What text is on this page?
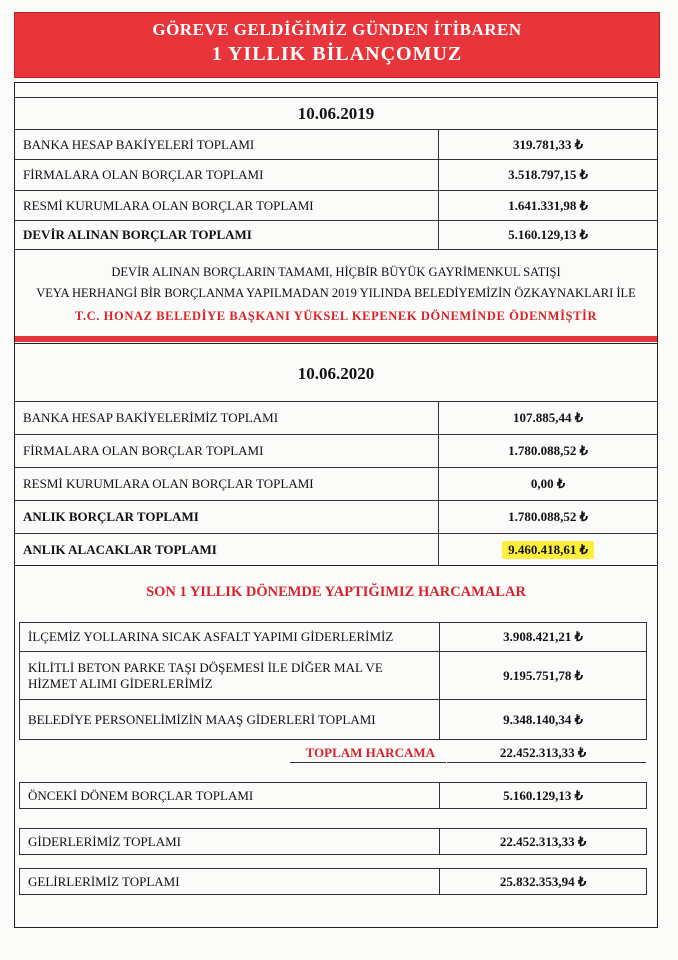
GÖREVE GELDİĞİMİZ GÜNDEN İTİBAREN
1 YILLIK BİLANÇOMUZ
10.06.2019
BANKA HESAP BAKİYELERİ TOPLAMI	319.781,33 ₺
FİRMALARA OLAN BORÇLAR TOPLAMI	3.518.797,15 ₺
RESMİ KURUMLARA OLAN BORÇLAR TOPLAMI	1.641.331,98 ₺
DEVİR ALINAN BORÇLAR TOPLAMI	5.160.129,13 ₺
DEVİR ALINAN BORÇLARIN TAMAMI, HİÇBİR BÜYÜK GAYRİMENKUL SATIŞI
VEYA HERHANGİ BİR BORÇLANMA YAPILMADAN 2019 YILINDA BELEDİYEMİZİN ÖZKAYNAKLARI İLE
T.C. HONAZ BELEDİYE BAŞKANI YÜKSEL KEPENEK DÖNEMİNDE ÖDENMİŞTİR
10.06.2020
BANKA HESAP BAKİYELERİMİZ TOPLAMI	107.885,44 ₺
FİRMALARA OLAN BORÇLAR TOPLAMI	1.780.088,52 ₺
RESMİ KURUMLARA OLAN BORÇLAR TOPLAMI	0,00 ₺
ANLIK BORÇLAR TOPLAMI	1.780.088,52 ₺
ANLIK ALACAKLAR TOPLAMI	9.460.418,61 ₺
SON 1 YILLIK DÖNEMDE YAPTIĞIMIZ HARCAMALAR
İLÇEMİZ YOLLARINA SICAK ASFALT YAPIMI GİDERLERİMİZ	3.908.421,21 ₺
KİLİTLİ BETON PARKE TAŞI DÖŞEMESİ İLE DİĞER MAL VE
HİZMET ALIMI GİDERLERİMİZ
9.195.751,78 ₺
BELEDİYE PERSONELİMİZİN MAAŞ GİDERLERİ TOPLAMI	9.348.140,34 ₺
TOPLAM HARCAMA	22.452.313,33 ₺
ÖNCEKİ DÖNEM BORÇLAR TOPLAMI	5.160.129,13 ₺
GİDERLERİMİZ TOPLAMI	22.452.313,33 ₺
GELİRLERİMİZ TOPLAMI	25.832.353,94 ₺
